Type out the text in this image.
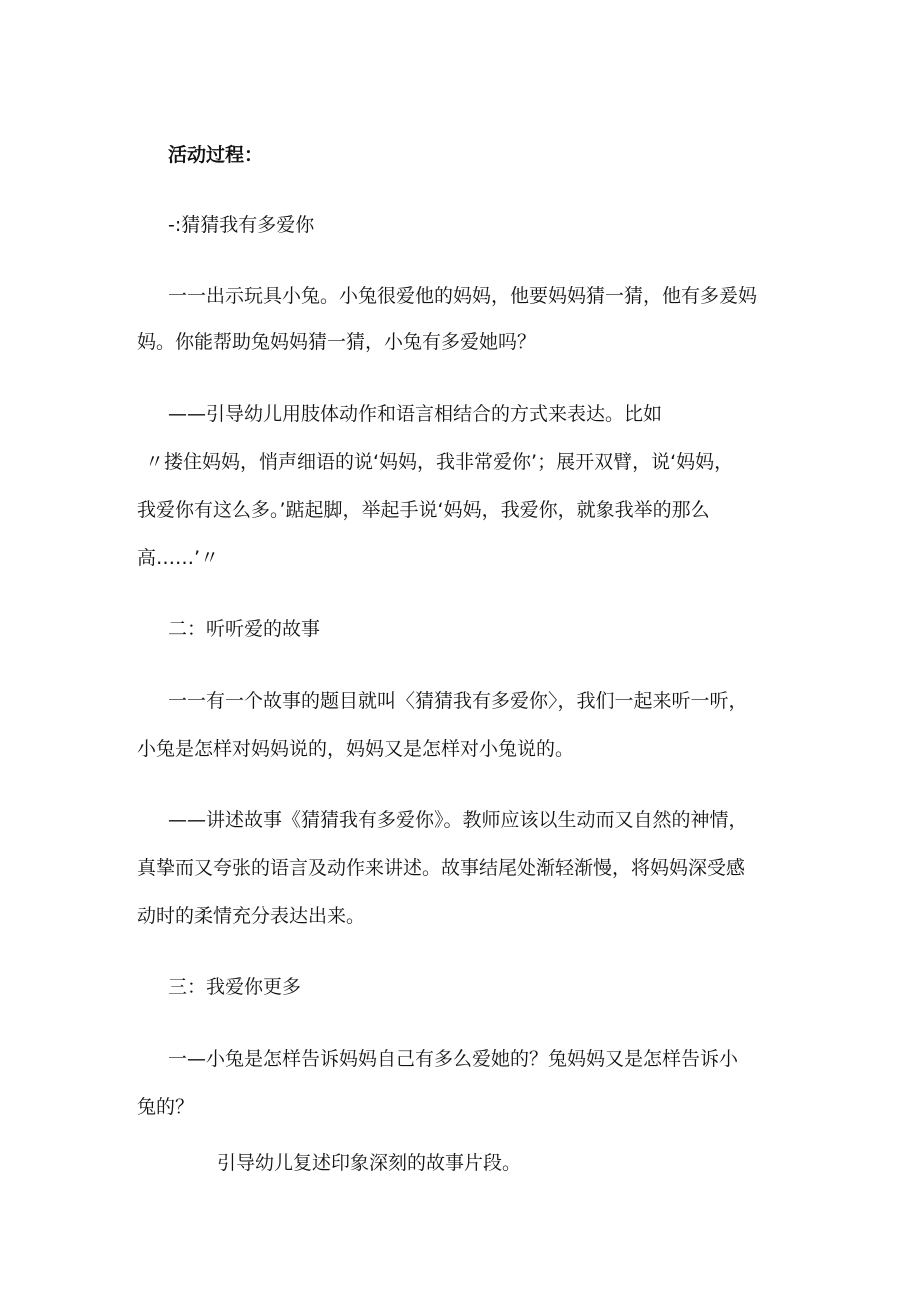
活动过程：
-:猜猜我有多爱你
一一出示玩具小兔。小兔很爱他的妈妈，他要妈妈猜一猜，他有多爰妈
妈。你能帮助兔妈妈猜一猜，小兔有多爱她吗？
——引导幼儿用肢体动作和语言相结合的方式来表达。比如
〃搂住妈妈，悄声细语的说‘妈妈，我非常爱你’；展开双臂，说‘妈妈，
我爱你有这么多。’踮起脚，举起手说‘妈妈，我爱你，就象我举的那么
高……’〃
二：听听爱的故事
一一有一个故事的题目就叫〈猜猜我有多爱你〉，我们一起来听一听，
小兔是怎样对妈妈说的，妈妈又是怎样对小兔说的。
——讲述故事《猜猜我有多爱你》。教师应该以生动而又自然的神情，
真挚而又夸张的语言及动作来讲述。故事结尾处渐轻渐慢，将妈妈深受感
动时的柔情充分表达出来。
三：我爱你更多
一—小兔是怎样告诉妈妈自己有多么爱她的？兔妈妈又是怎样告诉小
兔的？
引导幼儿复述印象深刻的故事片段。
